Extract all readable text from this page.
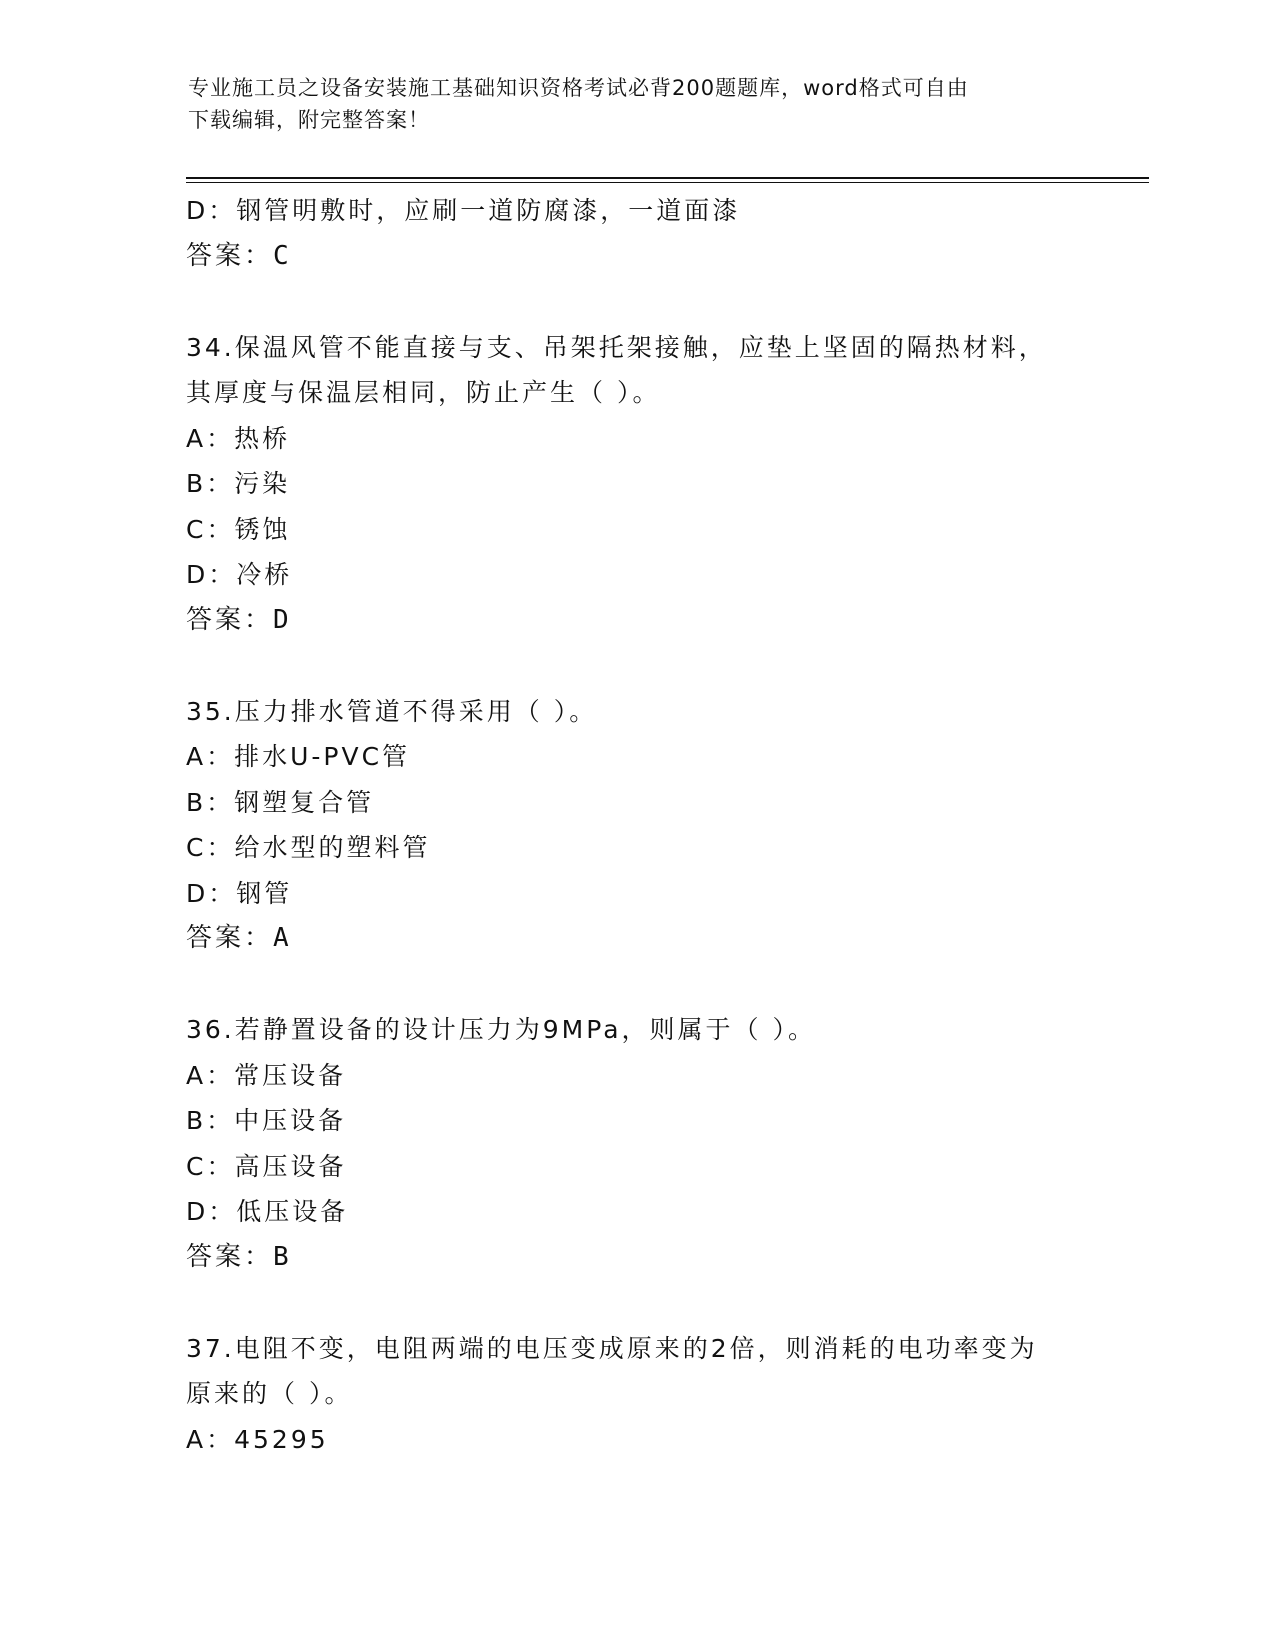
专业施工员之设备安装施工基础知识资格考试必背200题题库，word格式可自由
下载编辑，附完整答案！
D：钢管明敷时，应刷一道防腐漆，一道面漆
答案：C
34.保温风管不能直接与支、吊架托架接触，应垫上坚固的隔热材料，
其厚度与保温层相同，防止产生（ ）。
A：热桥
B：污染
C：锈蚀
D：冷桥
答案：D
35.压力排水管道不得采用（ ）。
A：排水U-PVC管
B：钢塑复合管
C：给水型的塑料管
D：钢管
答案：A
36.若静置设备的设计压力为9MPa，则属于（ ）。
A：常压设备
B：中压设备
C：高压设备
D：低压设备
答案：B
37.电阻不变，电阻两端的电压变成原来的2倍，则消耗的电功率变为
原来的（ ）。
A：45295
